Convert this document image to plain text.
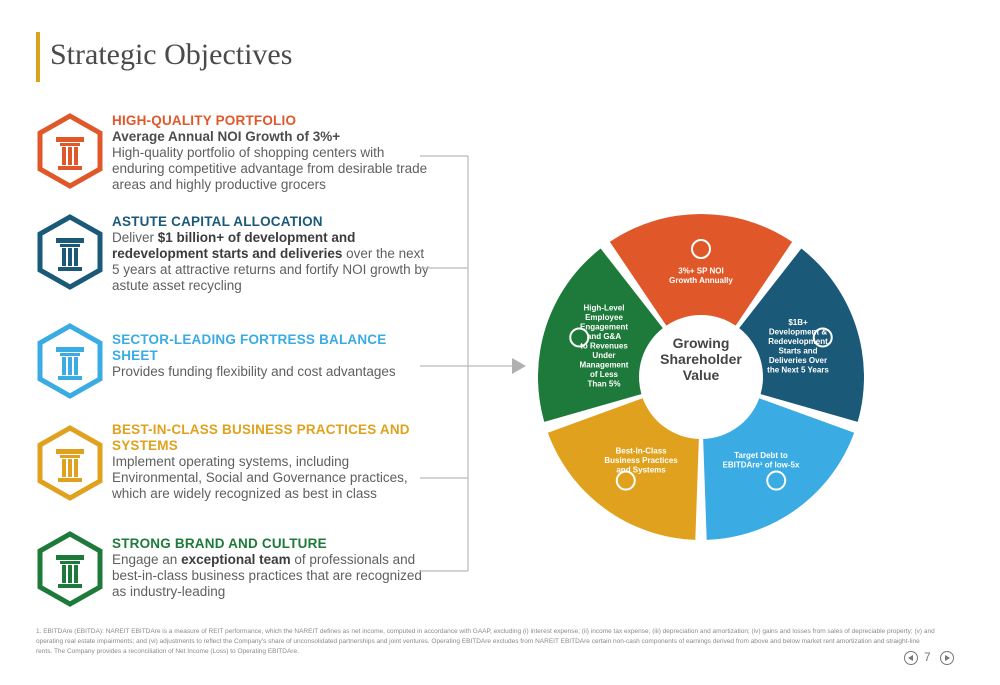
Strategic Objectives

HIGH-QUALITY PORTFOLIO

Average Annual NOI Growth of 3%+

High-quality portfolio of shopping centers with enduring competitive advantage from desirable trade areas and highly productive grocers

ASTUTE CAPITAL ALLOCATION

Deliver $1 billion+ of development and redevelopment starts and deliveries over the next 5 years at attractive returns and fortify NOI growth by astute asset recycling

SECTOR-LEADING FORTRESS BALANCE SHEET

Provides funding flexibility and cost advantages

BEST-IN-CLASS BUSINESS PRACTICES AND SYSTEMS

Implement operating systems, including Environmental, Social and Governance practices, which are widely recognized as best in class

STRONG BRAND AND CULTURE

Engage an exceptional team of professionals and best-in-class business practices that are recognized as industry-leading

3%+ SP NOI
Growth Annually
$1B+
Development &
Redevelopment
Starts and
Deliveries Over
the Next 5 Years
Target Debt to
EBITDAre¹ of low-5x
Best-In-Class
Business Practices
and Systems
High-Level
Employee
Engagement
and G&A
to Revenues
Under
Management
of Less
Than 5%
Growing
Shareholder
Value

1. EBITDAre (EBITDA): NAREIT EBITDAre is a measure of REIT performance, which the NAREIT defines as net income, computed in accordance with GAAP, excluding (i) interest expense; (ii) income tax expense; (iii) depreciation and amortization; (iv) gains and losses from sales of depreciable property; (v) and operating real estate impairments; and (vi) adjustments to reflect the Company's share of unconsolidated partnerships and joint ventures. Operating EBITDAre excludes from NAREIT EBITDAre certain non-cash components of earnings derived from above and below market rent amortization and straight-line rents. The Company provides a reconciliation of Net Income (Loss) to Operating EBITDAre.	7
